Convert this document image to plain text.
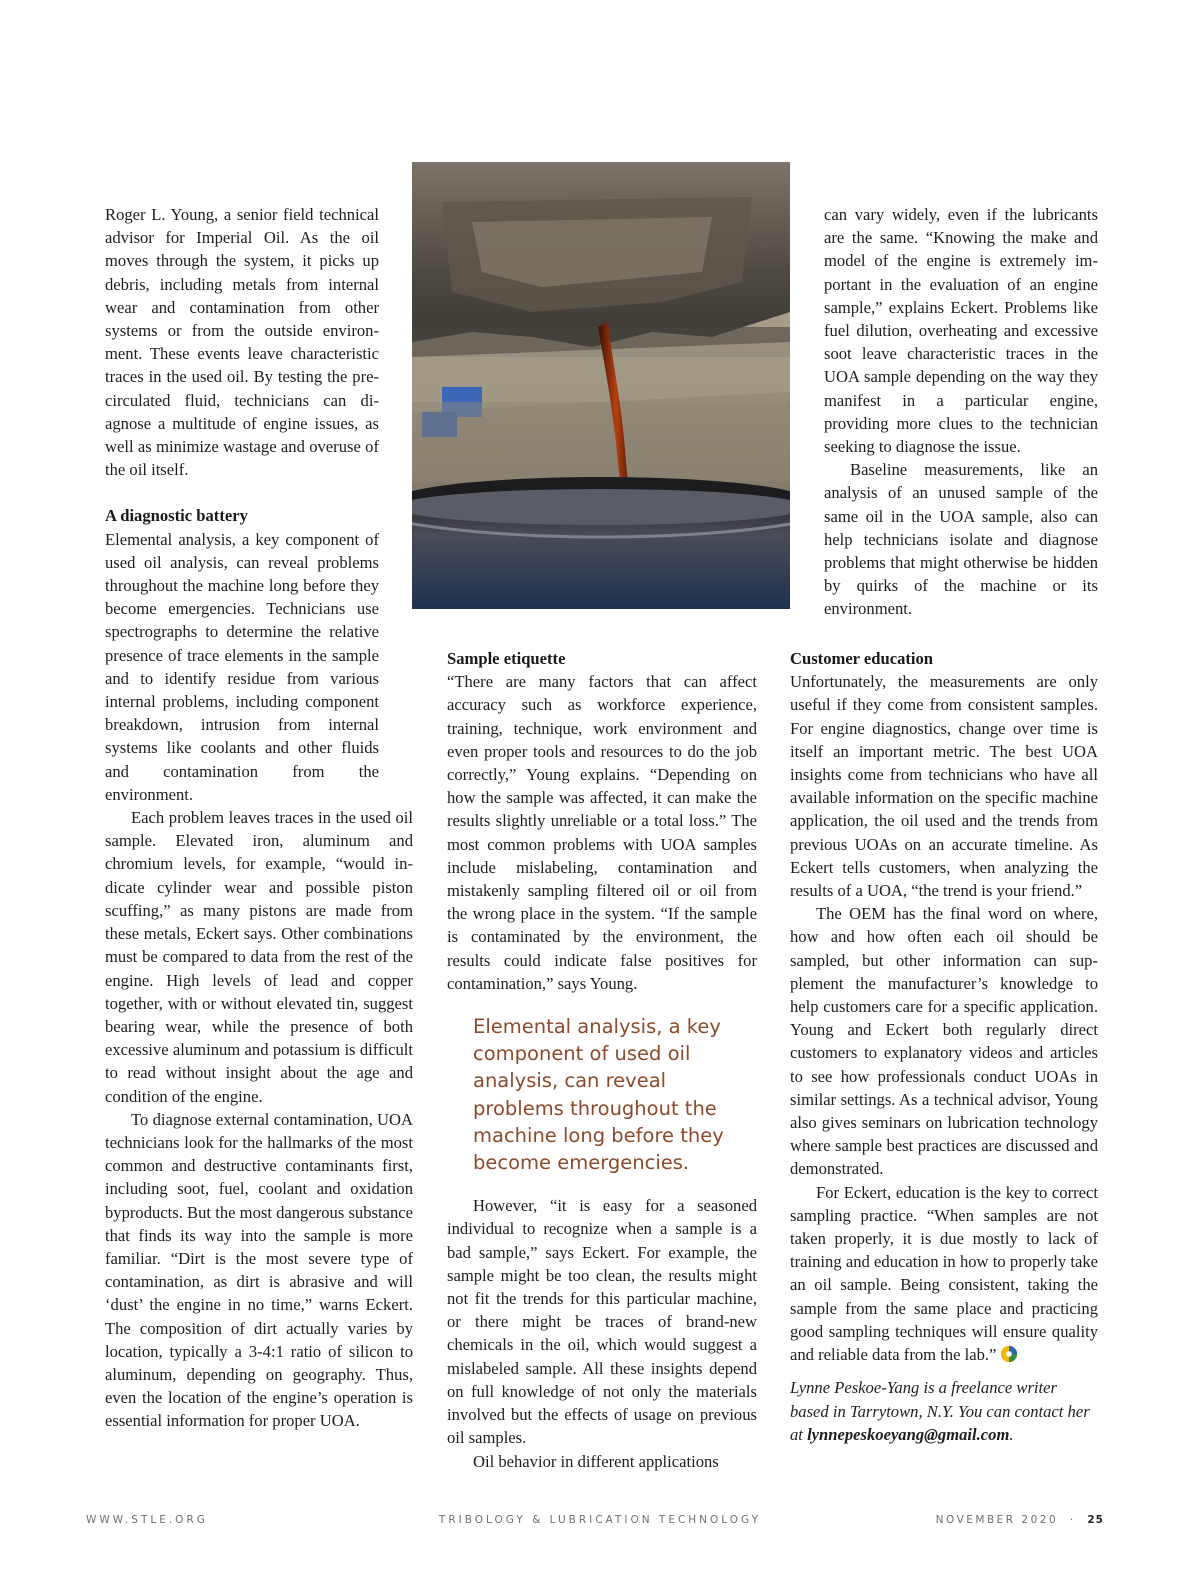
Roger L. Young, a senior field technical advisor for Imperial Oil. As the oil moves through the system, it picks up debris, including metals from internal wear and contamination from other systems or from the outside environment. These events leave characteristic traces in the used oil. By testing the pre-circulated fluid, technicians can diagnose a multitude of engine issues, as well as minimize wastage and overuse of the oil itself.

A diagnostic battery

Elemental analysis, a key component of used oil analysis, can reveal problems throughout the machine long before they become emergencies. Technicians use spectrographs to determine the relative presence of trace elements in the sample and to identify residue from various internal problems, including component breakdown, intrusion from internal systems like coolants and other fluids and contamination from the environment.

Each problem leaves traces in the used oil sample. Elevated iron, aluminum and chromium levels, for example, “would indicate cylinder wear and possible piston scuffing,” as many pistons are made from these metals, Eckert says. Other combinations must be compared to data from the rest of the engine. High levels of lead and copper together, with or without elevated tin, suggest bearing wear, while the presence of both excessive aluminum and potassium is difficult to read without insight about the age and condition of the engine.

To diagnose external contamination, UOA technicians look for the hallmarks of the most common and destructive contaminants first, including soot, fuel, coolant and oxidation byproducts. But the most dangerous substance that finds its way into the sample is more familiar. “Dirt is the most severe type of contamination, as dirt is abrasive and will ‘dust’ the engine in no time,” warns Eckert. The composition of dirt actually varies by location, typically a 3-4:1 ratio of silicon to aluminum, depending on geography. Thus, even the location of the engine’s operation is essential information for proper UOA.

Sample etiquette

“There are many factors that can affect accuracy such as workforce experience, training, technique, work environment and even proper tools and resources to do the job correctly,” Young explains. “Depending on how the sample was affected, it can make the results slightly unreliable or a total loss.” The most common problems with UOA samples include mislabeling, contamination and mistakenly sampling filtered oil or oil from the wrong place in the system. “If the sample is contaminated by the environment, the results could indicate false positives for contamination,” says Young.

Elemental analysis, a key component of used oil analysis, can reveal problems throughout the machine long before they become emergencies.

However, “it is easy for a seasoned individual to recognize when a sample is a bad sample,” says Eckert. For example, the sample might be too clean, the results might not fit the trends for this particular machine, or there might be traces of brand-new chemicals in the oil, which would suggest a mislabeled sample. All these insights depend on full knowledge of not only the materials involved but the effects of usage on previous oil samples.

Oil behavior in different applications

can vary widely, even if the lubricants are the same. “Knowing the make and model of the engine is extremely important in the evaluation of an engine sample,” explains Eckert. Problems like fuel dilution, overheating and excessive soot leave characteristic traces in the UOA sample depending on the way they manifest in a particular engine, providing more clues to the technician seeking to diagnose the issue.

Baseline measurements, like an analysis of an unused sample of the same oil in the UOA sample, also can help technicians isolate and diagnose problems that might otherwise be hidden by quirks of the machine or its environment.

Customer education

Unfortunately, the measurements are only useful if they come from consistent samples. For engine diagnostics, change over time is itself an important metric. The best UOA insights come from technicians who have all available information on the specific machine application, the oil used and the trends from previous UOAs on an accurate timeline. As Eckert tells customers, when analyzing the results of a UOA, “the trend is your friend.”

The OEM has the final word on where, how and how often each oil should be sampled, but other information can supplement the manufacturer’s knowledge to help customers care for a specific application. Young and Eckert both regularly direct customers to explanatory videos and articles to see how professionals conduct UOAs in similar settings. As a technical advisor, Young also gives seminars on lubrication technology where sample best practices are discussed and demonstrated.

For Eckert, education is the key to correct sampling practice. “When samples are not taken properly, it is due mostly to lack of training and education in how to properly take an oil sample. Being consistent, taking the sample from the same place and practicing good sampling techniques will ensure quality and reliable data from the lab.”

Lynne Peskoe-Yang is a freelance writer based in Tarrytown, N.Y. You can contact her at lynnepeskoeyang@gmail.com.

WWW.STLE.ORG	TRIBOLOGY & LUBRICATION TECHNOLOGY	NOVEMBER 2020 · 25
